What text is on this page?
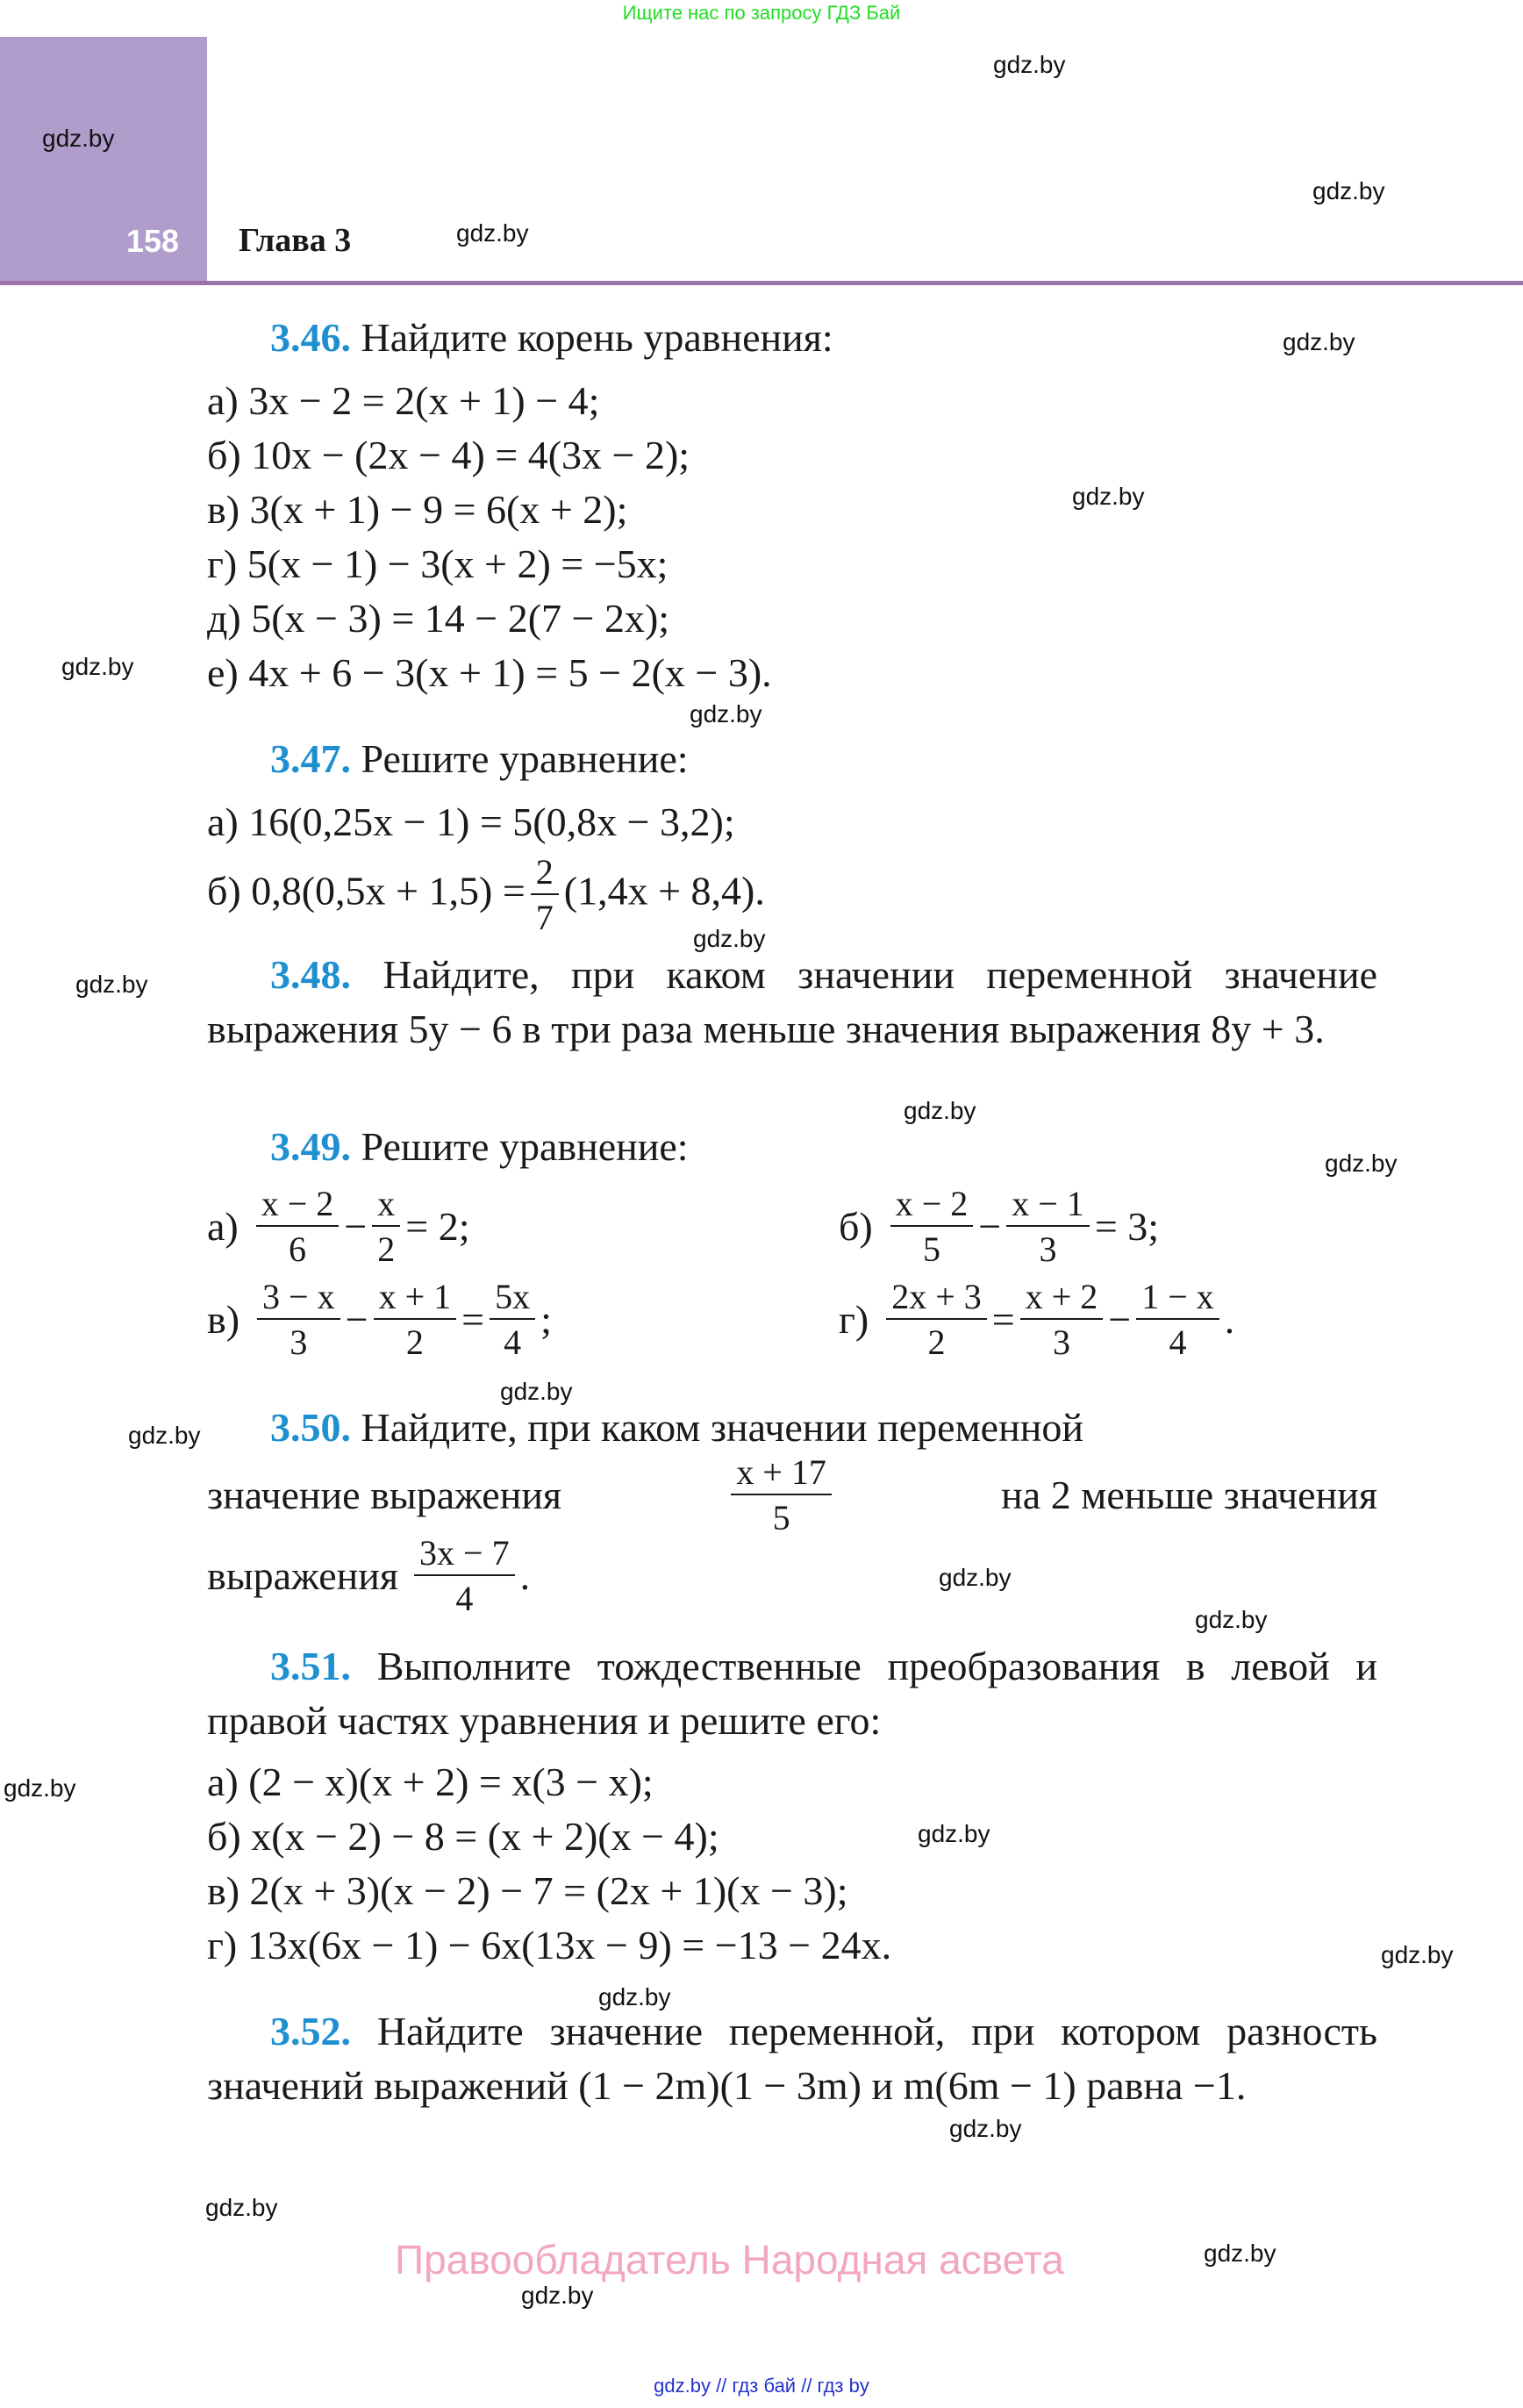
Ищите нас по запросу ГДЗ Бай
158 Глава 3
gdz.by
gdz.by
gdz.by
gdz.by
gdz.by
gdz.by
gdz.by
gdz.by
gdz.by
gdz.by
gdz.by
gdz.by
gdz.by
gdz.by
gdz.by
gdz.by
gdz.by
gdz.by
gdz.by
gdz.by
gdz.by
gdz.by
gdz.by
gdz.by
3.46. Найдите корень уравнения:
а) 3x − 2 = 2(x + 1) − 4;
б) 10x − (2x − 4) = 4(3x − 2);
в) 3(x + 1) − 9 = 6(x + 2);
г) 5(x − 1) − 3(x + 2) = −5x;
д) 5(x − 3) = 14 − 2(7 − 2x);
е) 4x + 6 − 3(x + 1) = 5 − 2(x − 3).
3.47. Решите уравнение:
а) 16(0,25x − 1) = 5(0,8x − 3,2);
б) $0,8(0,5x + 1,5) = \frac{2}{7} (1,4x + 8,4)$.
3.48. Найдите, при каком значении переменной значение выражения 5y − 6 в три раза меньше значения выражения 8y + 3.
3.49. Решите уравнение:
$а) \frac{x - 2}{6} - \frac{x}{2} = 2$;	$б) \frac{x - 2}{5} - \frac{x - 1}{3} = 3$;
$в) \frac{3 - x}{3} - \frac{x + 1}{2} = \frac{5x}{4}$ ;	$г) \frac{2x + 3}{2} = \frac{x + 2}{3} - \frac{1 - x}{4}$ .
3.50. Найдите, при каком значении переменной
значение выражения	$\frac{x + 17}{5}$	на 2 меньше значения
выражения $\frac{3x - 7}{4}$ .
3.51. Выполните тождественные преобразования в левой и правой частях уравнения и решите его:
а) (2 − x)(x + 2) = x(3 − x);
б) x(x − 2) − 8 = (x + 2)(x − 4);
в) 2(x + 3)(x − 2) − 7 = (2x + 1)(x − 3);
г) 13x(6x − 1) − 6x(13x − 9) = −13 − 24x.
3.52. Найдите значение переменной, при котором разность значений выражений (1 − 2m)(1 − 3m) и m(6m − 1) равна −1.
Правообладатель Народная асвета
gdz.by // гдз бай // гдз by
